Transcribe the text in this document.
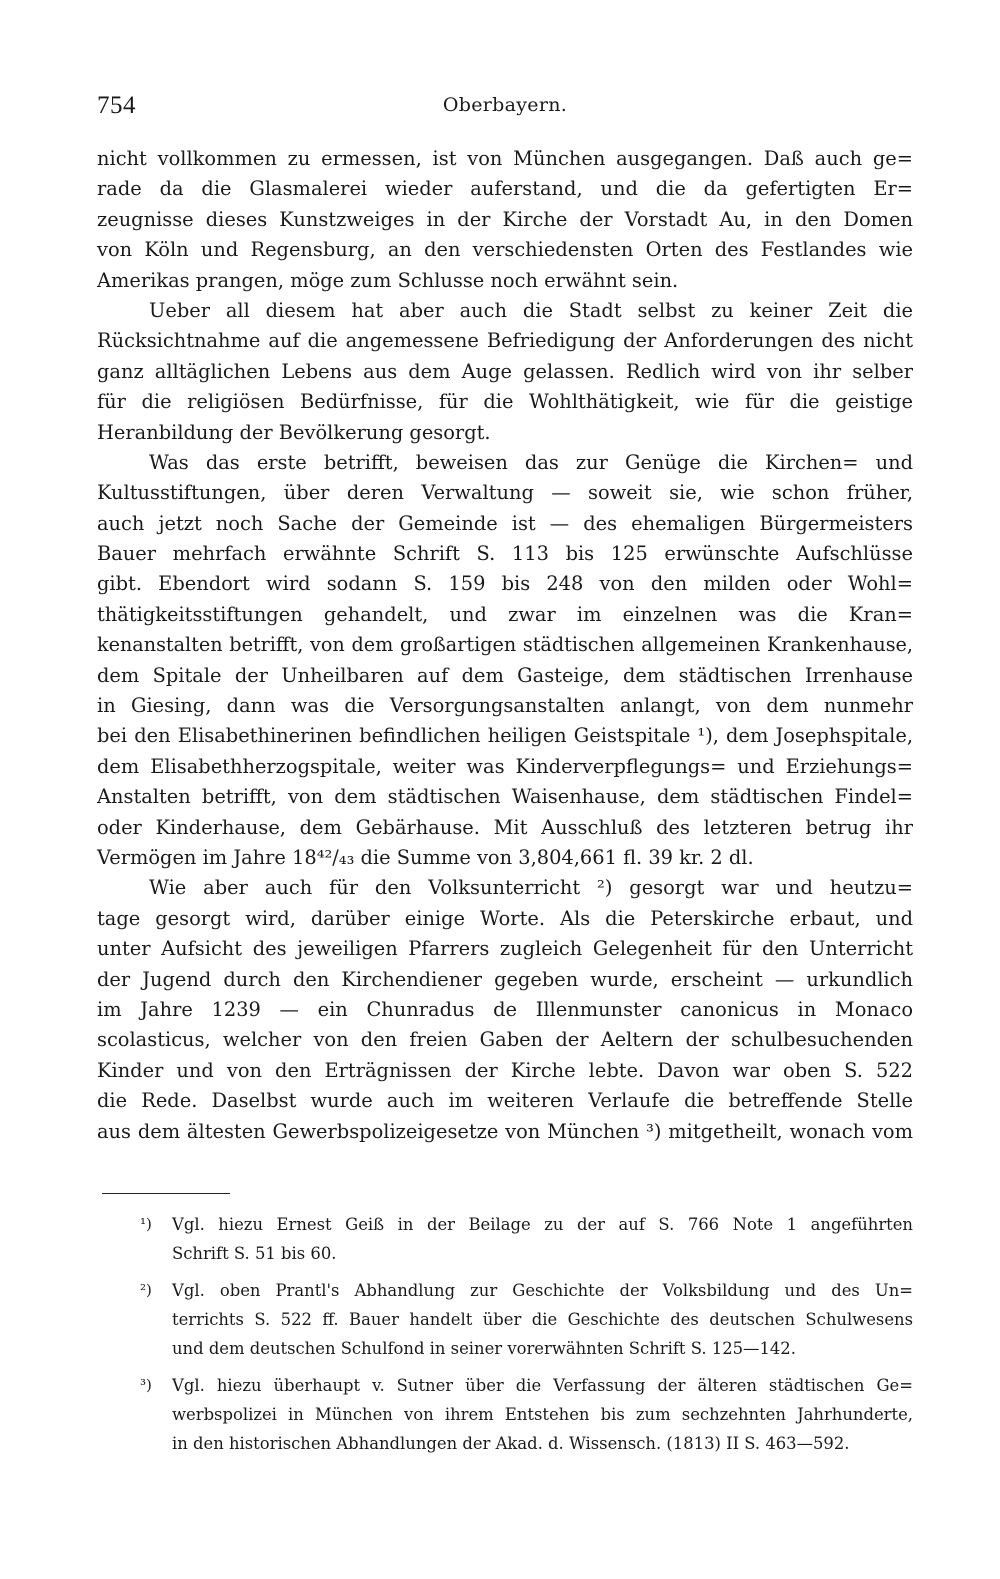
754	Oberbayern.
nicht vollkommen zu ermessen, ist von München ausgegangen. Daß auch ge=
rade da die Glasmalerei wieder auferstand, und die da gefertigten Er=
zeugnisse dieses Kunstzweiges in der Kirche der Vorstadt Au, in den Domen
von Köln und Regensburg, an den verschiedensten Orten des Festlandes wie
Amerikas prangen, möge zum Schlusse noch erwähnt sein.
Ueber all diesem hat aber auch die Stadt selbst zu keiner Zeit die
Rücksichtnahme auf die angemessene Befriedigung der Anforderungen des nicht
ganz alltäglichen Lebens aus dem Auge gelassen. Redlich wird von ihr selber
für die religiösen Bedürfnisse, für die Wohlthätigkeit, wie für die geistige
Heranbildung der Bevölkerung gesorgt.
Was das erste betrifft, beweisen das zur Genüge die Kirchen= und
Kultusstiftungen, über deren Verwaltung — soweit sie, wie schon früher,
auch jetzt noch Sache der Gemeinde ist — des ehemaligen Bürgermeisters
Bauer mehrfach erwähnte Schrift S. 113 bis 125 erwünschte Aufschlüsse
gibt. Ebendort wird sodann S. 159 bis 248 von den milden oder Wohl=
thätigkeitsstiftungen gehandelt, und zwar im einzelnen was die Kran=
kenanstalten betrifft, von dem großartigen städtischen allgemeinen Krankenhause,
dem Spitale der Unheilbaren auf dem Gasteige, dem städtischen Irrenhause
in Giesing, dann was die Versorgungsanstalten anlangt, von dem nunmehr
bei den Elisabethinerinen befindlichen heiligen Geistspitale ¹), dem Josephspitale,
dem Elisabethherzogspitale, weiter was Kinderverpflegungs= und Erziehungs=
Anstalten betrifft, von dem städtischen Waisenhause, dem städtischen Findel=
oder Kinderhause, dem Gebärhause. Mit Ausschluß des letzteren betrug ihr
Vermögen im Jahre 18⁴²/₄₃ die Summe von 3,804,661 fl. 39 kr. 2 dl.
Wie aber auch für den Volksunterricht ²) gesorgt war und heutzu=
tage gesorgt wird, darüber einige Worte. Als die Peterskirche erbaut, und
unter Aufsicht des jeweiligen Pfarrers zugleich Gelegenheit für den Unterricht
der Jugend durch den Kirchendiener gegeben wurde, erscheint — urkundlich
im Jahre 1239 — ein Chunradus de Illenmunster canonicus in Monaco
scolasticus, welcher von den freien Gaben der Aeltern der schulbesuchenden
Kinder und von den Erträgnissen der Kirche lebte. Davon war oben S. 522
die Rede. Daselbst wurde auch im weiteren Verlaufe die betreffende Stelle
aus dem ältesten Gewerbspolizeigesetze von München ³) mitgetheilt, wonach vom
¹)	Vgl. hiezu Ernest Geiß in der Beilage zu der auf S. 766 Note 1 angeführten
Schrift S. 51 bis 60.
²)	Vgl. oben Prantl's Abhandlung zur Geschichte der Volksbildung und des Un=
terrichts S. 522 ff. Bauer handelt über die Geschichte des deutschen Schulwesens
und dem deutschen Schulfond in seiner vorerwähnten Schrift S. 125—142.
³)	Vgl. hiezu überhaupt v. Sutner über die Verfassung der älteren städtischen Ge=
werbspolizei in München von ihrem Entstehen bis zum sechzehnten Jahrhunderte,
in den historischen Abhandlungen der Akad. d. Wissensch. (1813) II S. 463—592.
